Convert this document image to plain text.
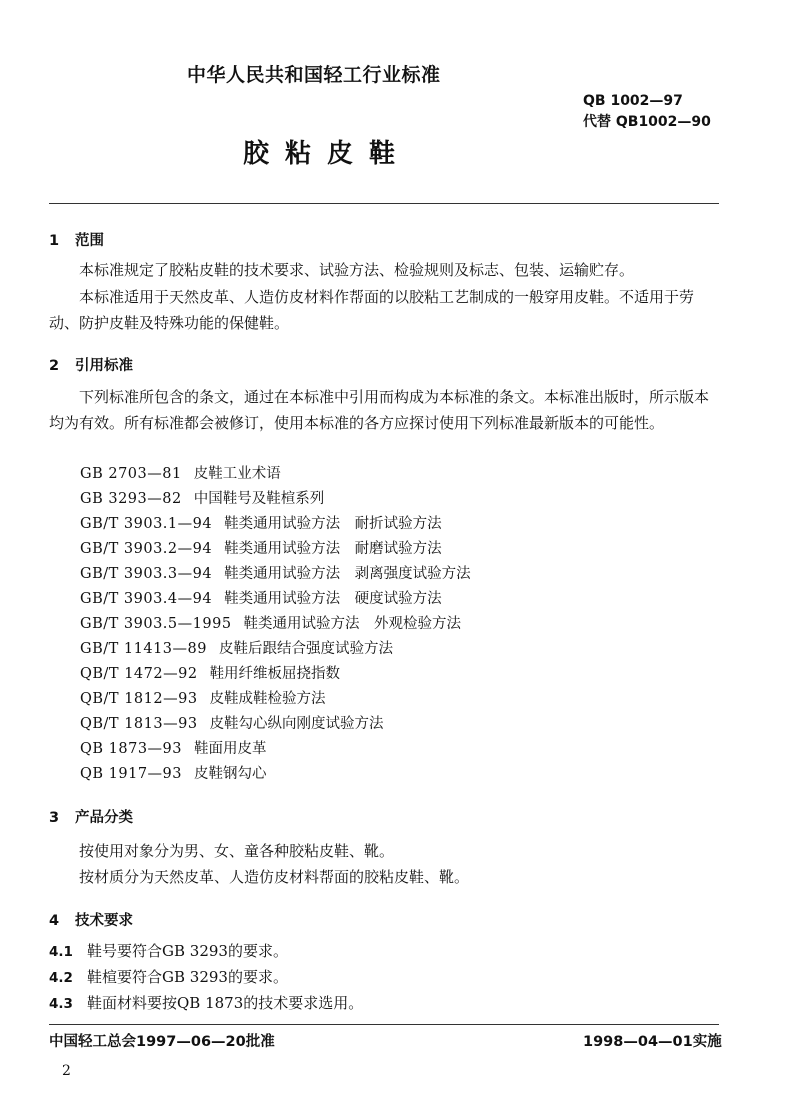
中华人民共和国轻工行业标准
QB 1002—97
代替 QB1002—90
胶粘皮鞋
1 范围
本标准规定了胶粘皮鞋的技术要求、试验方法、检验规则及标志、包装、运输贮存。
本标准适用于天然皮革、人造仿皮材料作帮面的以胶粘工艺制成的一般穿用皮鞋。不适用于劳动、防护皮鞋及特殊功能的保健鞋。
2 引用标准
下列标准所包含的条文，通过在本标准中引用而构成为本标准的条文。本标准出版时，所示版本均为有效。所有标准都会被修订，使用本标准的各方应探讨使用下列标准最新版本的可能性。
GB 2703—81 皮鞋工业术语
GB 3293—82 中国鞋号及鞋楦系列
GB/T 3903.1—94 鞋类通用试验方法　耐折试验方法
GB/T 3903.2—94 鞋类通用试验方法　耐磨试验方法
GB/T 3903.3—94 鞋类通用试验方法　剥离强度试验方法
GB/T 3903.4—94 鞋类通用试验方法　硬度试验方法
GB/T 3903.5—1995 鞋类通用试验方法　外观检验方法
GB/T 11413—89 皮鞋后跟结合强度试验方法
QB/T 1472—92 鞋用纤维板屈挠指数
QB/T 1812—93 皮鞋成鞋检验方法
QB/T 1813—93 皮鞋勾心纵向刚度试验方法
QB 1873—93 鞋面用皮革
QB 1917—93 皮鞋钢勾心
3 产品分类
按使用对象分为男、女、童各种胶粘皮鞋、靴。
按材质分为天然皮革、人造仿皮材料帮面的胶粘皮鞋、靴。
4 技术要求
4.1 鞋号要符合GB 3293的要求。
4.2 鞋楦要符合GB 3293的要求。
4.3 鞋面材料要按QB 1873的技术要求选用。
中国轻工总会1997—06—20批准	1998—04—01实施
2
